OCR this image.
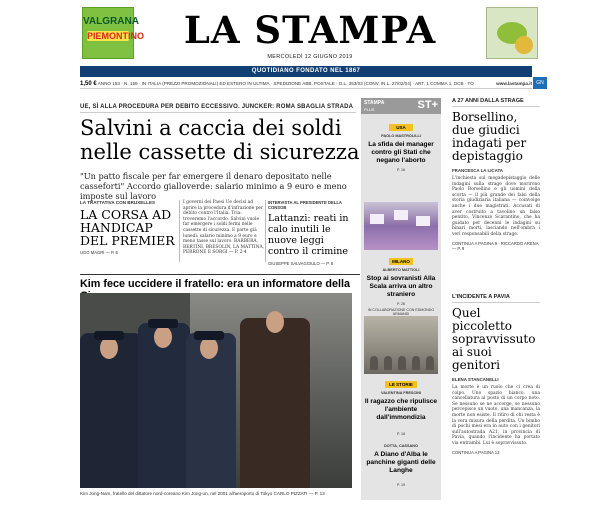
VALGRANA
PIEMONTINO	LA STAMPA
MERCOLEDÌ 12 GIUGNO 2019
QUOTIDIANO FONDATO NEL 1867
1,50 € ANNO 153 · N. 159 · IN ITALIA (PREZZI PROMOZIONALI) ED ESTERO IN ULTIMA · SPEDIZIONE ABB. POSTALE · D.L. 353/03 (CONV. IN L. 27/02/04) · ART. 1 COMMA 1, DCB · TO	www.lastampa.it GN
UE, SÌ ALLA PROCEDURA PER DEBITO ECCESSIVO. JUNCKER: ROMA SBAGLIA STRADA
Salvini a caccia dei soldi nelle cassette di sicurezza
"Un patto fiscale per far emergere il denaro depositato nelle casseforti" Accordo gialloverde: salario minimo a 9 euro e meno imposte sul lavoro
LA TRATTATIVA CON BRUXELLES
LA CORSA AD HANDICAP DEL PREMIER
UGO MAGRI — P. 6
I governi dei Paesi Ue decisi ad aprire la procedura d'infrazione per debito contro l'Italia. Tria: troveremo l'accordo. Salvini vuole far emergere i soldi fermi nelle cassette di sicurezza. E parte già lunedì: salario minimo a 9 euro e meno tasse sul lavoro. BARBERA, BERTINI, BRESOLIN, LA MATTINA, PERRONE E SORGI — P. 2-4
INTERVISTA AL PRESIDENTE DELLA CONSOB
Lattanzi: reati in calo inutili le nuove leggi contro il crimine
GIUSEPPE SALVAGGIULO — P. 8
Kim fece uccidere il fratello: era un informatore della
Kim Jong-Nam, fratello del dittatore nord-coreano Kim Jong-un, nel 2001 all'aeroporto di Tokyo CARLO PIZZATI — P. 13
STAMPA
PLUS	ST+
USA
PAOLO MASTROLILLI
La sfida dei manager contro gli Stati che negano l'aborto
P. 16
MILANO
ALBERTO MATTIOLI
Stop ai sovranisti Alla Scala arriva un altro straniero
P. 26
IN COLLABORAZIONE CON EDMONDO ARMANDI
LE STORIE
VALENTINA FRESCINI
Il ragazzo che ripulisce l'ambiente dall'immondizia
P. 18
DOTTA, CASSANO
A Diano d'Alba le panchine giganti delle Langhe
P. 19
A 27 ANNI DALLA STRAGE
Borsellino, due giudici indagati per depistaggio
FRANCESCA LA LICATA
L'inchiesta sul megadepistaggio delle indagini sulla strage dove morirono Paolo Borsellino e gli uomini della scorta — il più grande dei falsi della storia giudiziaria italiana — coinvolge anche i due magistrati. Accusati di aver costruito a tavolino un falso pentito, Vincenzo Scarantino, che ha guidato per decenni le indagini su binari morti, lasciando nell'ombra i veri responsabili della strage.
CONTINUA A PAGINA 9 · RICCARDO ARENA — P. 9
L'INCIDENTE A PAVIA
Quel piccoletto sopravvissuto ai suoi genitori
ELENA STANCANELLI
La morte è un ruolo che ci crea di colpo. Uno spazio bianco, una cancellatura al posto di un corpo noto. Se nessuno se ne accorge, se nessuno percepisce un vuoto, una mancanza, la morte non esiste. Il ritiro di chi resta è la vera misura della perdita. Un bimbo di pochi mesi era in auto con i genitori sull'autostrada A21, in provincia di Pavia, quando l'incidente ha portato via entrambi. Lui è sopravvissuto.
CONTINUA A PAGINA 13
